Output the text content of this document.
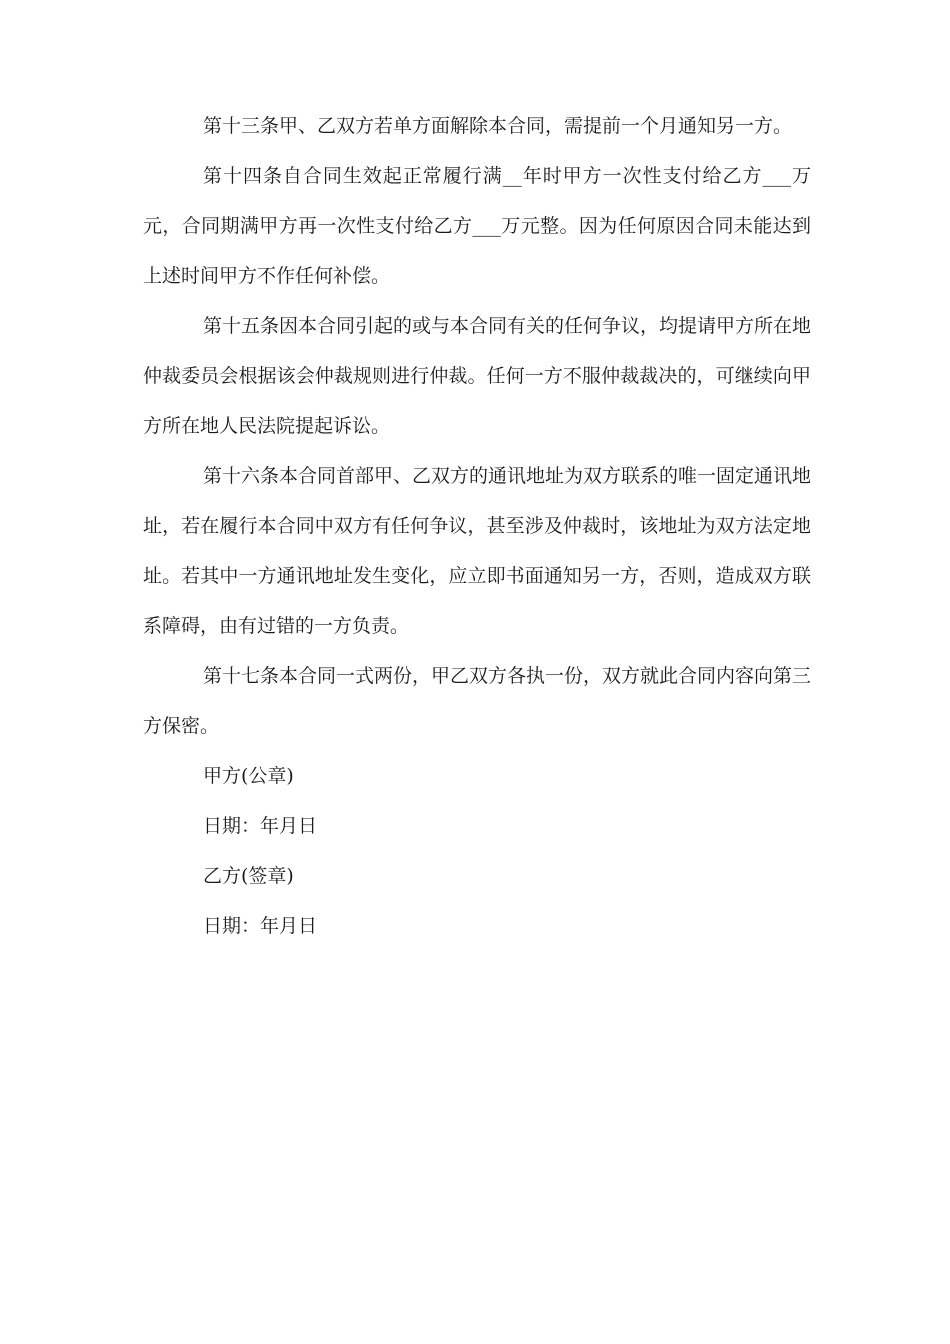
第十三条甲、乙双方若单方面解除本合同，需提前一个月通知另一方。

第十四条自合同生效起正常履行满__年时甲方一次性支付给乙方___万元，合同期满甲方再一次性支付给乙方___万元整。因为任何原因合同未能达到上述时间甲方不作任何补偿。

第十五条因本合同引起的或与本合同有关的任何争议，均提请甲方所在地仲裁委员会根据该会仲裁规则进行仲裁。任何一方不服仲裁裁决的，可继续向甲方所在地人民法院提起诉讼。

第十六条本合同首部甲、乙双方的通讯地址为双方联系的唯一固定通讯地址，若在履行本合同中双方有任何争议，甚至涉及仲裁时，该地址为双方法定地址。若其中一方通讯地址发生变化，应立即书面通知另一方，否则，造成双方联系障碍，由有过错的一方负责。

第十七条本合同一式两份，甲乙双方各执一份，双方就此合同内容向第三方保密。

甲方(公章)

日期：年月日

乙方(签章)

日期：年月日
